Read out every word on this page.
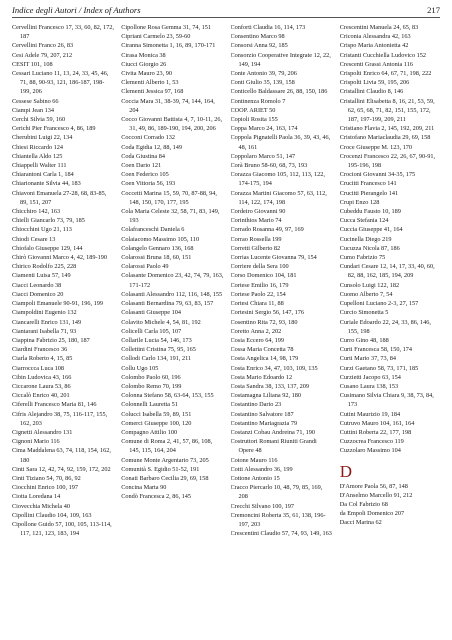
Indice degli Autori / Index of Authors	217
Cervellini Francesco 17, 33, 60, 82, 172, 187
Cervellini Franco 26, 83
Cesi Adele 79, 207, 212
CESIT 101, 108
Cessari Luciano 11, 13, 24, 33, 45, 46, 71, 88, 90-93, 121, 186-187, 198-199, 206
Cessese Sabino 66
Ciampi Jean 134
Cerchi Silvia 59, 160
Cerichi Pier Francesco 4, 86, 189
Cherubini Luigi 22, 134
Chiesi Riccardo 124
Chiantella Aldo 125
Chiappelli Walter 111
Chiarantoni Carla 1, 184
Chiarionante Silvia 44, 183
Chiavoni Emanuela 27-28, 68, 83-85, 89, 151, 207
Chicchiro 142, 163
Chielli Giancarlo 73, 79, 185
Chiocchini Ugo 21, 113
Chiodi Cesare 13
Chiofalo Giuseppe 129, 144
Chirò Giovanni Marco 4, 42, 189-190
Chirico Rodolfo 225, 228
Ciamenti Luisa 57, 149
Ciacci Leonardo 38
Ciacci Domenico 20
Ciampoli Emanuele 90-91, 196, 199
Ciampoldini Eugenio 132
Ciancarelli Enrico 131, 149
Ciantarani Isabella 71, 93
Ciappina Fabrizio 25, 180, 187
Ciardini Francesco 36
Ciarla Roberto 4, 15, 85
Ciarroccca Luca 108
Cibin Ludovica 43, 166
Ciccarone Laura 53, 86
Ciccalò Enrico 40, 201
Ciferelli Francesco Maria 81, 146
Cifris Alejandro 38, 75, 116-117, 155, 162, 203
Cignetti Alessandro 131
Cignoni Mario 116
Cima Maddalena 63, 74, 118, 154, 162, 180
Cinti Sara 12, 42, 74, 92, 159, 172, 202
Cinti Tiziano 54, 70, 86, 92
Ciocchini Enrico 100, 197
Ciotta Loredana 14
Ciovecchia Michela 40
Cipollini Claudio 104, 109, 163
Cipollone Guido 57, 100, 105, 113-114, 117, 121, 123, 183, 194
Cipollone Rosa Gemma 31, 74, 151
Cipriani Carmelo 23, 59-60
Ciranna Simonetta 1, 16, 89, 170-171
Cirasa Monica 38
Ciucci Giorgio 26
Civita Mauro 23, 90
Clementi Alberto 1, 53
Clementi Jessica 97, 168
Coccia Mara 31, 38-39, 74, 144, 164, 204
Cocco Giovanni Battista 4, 7, 10-11, 26, 31, 49, 86, 189-190, 194, 200, 206
Cocconi Corrado 132
Coda Egidia 12, 88, 149
Coda Giustina 84
Coen Dario 121
Coen Federico 105
Coen Vittoria 56, 193
Coccetti Marina 15, 59, 70, 87-88, 94, 148, 150, 170, 177, 195
Cola Maria Celeste 32, 58, 71, 83, 149, 193
Colafranceschi Daniela 6
Colaiacomo Massimo 105, 110
Colangelo Gennaro 136, 168
Colarossi Bruna 18, 60, 151
Colarossi Paolo 49
Colasante Domenico 23, 42, 74, 79, 163, 171-172
Colasanti Alessandro 112, 116, 148, 155
Colasanti Bernardina 79, 63, 83, 157
Colasanti Giuseppe 104
Colavito Michele 4, 54, 81, 192
Colicelli Carla 105, 107
Collarile Lucia 54, 146, 173
Collettini Cristina 75, 95, 165
Collodi Carlo 134, 191, 211
Collu Ugo 105
Colombo Paolo 60, 196
Colombo Remo 70, 199
Colonna Stefano 58, 63-64, 153, 155
Colonnelli Lauretta 51
Colucci Isabella 59, 89, 151
Comerci Giuseppe 100, 120
Compagno Attilio 100
Comune di Roma 2, 41, 57, 86, 108, 145, 115, 164, 204
Comune Monte Argentario 73, 205
Comunità S. Egidio 51-52, 191
Conati Barbaro Cecilia 29, 69, 158
Concina Marta 90
Condò Francesca 2, 86, 145
Conforti Claudia 16, 114, 173
Consentino Marco 98
Consorsi Anna 92, 185
Consorzio Cooperative Integrate 12, 22, 149, 194
Conte Antonio 39, 79, 206
Conti Giulio 35, 139, 158
Conticello Baldassare 26, 88, 150, 186
Continenza Romolo 7
COOP. ARIET 50
Copioli Rosita 155
Coppa Marco 24, 163, 174
Coppola Pignatelli Paola 36, 39, 43, 46, 48, 161
Coppolaro Marco 51, 147
Corà Bruno 58-60, 68, 73, 193
Corazza Giacomo 105, 112, 113, 122, 174-175, 194
Corazza Martini Giacomo 57, 63, 112, 114, 122, 174, 198
Cordeiro Giovanni 90
Corinthios Mario 74
Corrado Rosanna 49, 97, 169
Corrao Rossella 199
Corretti Gilberto 82
Corrias Lucente Giovanna 79, 154
Corriere della Sera 100
Corso Domenico 104, 181
Cortese Emilio 16, 179
Cortese Paolo 22, 154
Cortesi Chiara 11, 88
Cortesini Sergio 56, 147, 176
Cosentino Rita 72, 93, 180
Coretto Anna 2, 202
Cosia Eccero 64, 199
Cossa Maria Concetta 78
Costa Angelica 14, 98, 179
Costa Enrico 34, 47, 103, 109, 135
Costa Mario Edoardo 12
Costa Sandra 38, 133, 137, 209
Costamagna Liliana 92, 180
Costantino Dario 23
Costantino Salvatore 187
Costantino Mariagrazia 79
Costanzi Cobau Andreina 71, 190
Costruttori Romani Riuniti Grandi Opere 48
Cotone Mauro 116
Cotti Alessandro 36, 199
Cottone Antonio 15
Cracco Piercarlo 10, 48, 79, 85, 169, 208
Crecchi Silvano 100, 197
Cremoncini Roberta 35, 61, 138, 196-197, 203
Crescentini Claudio 57, 74, 93, 149, 163
Crescentini Manuela 24, 65, 83
Criconia Alessandra 42, 163
Crispo Maria Antonietta 42
Cristanti Cucchiella Ludovico 152
Crescenti Grassi Antonia 116
Crispolti Enrico 64, 67, 71, 198, 222
Crispolti Livia 59, 195, 206
Cristallini Claudio 8, 146
Cristallini Elisabetta 8, 16, 21, 53, 59, 62, 65, 68, 71, 82, 151, 155, 172, 187, 197-199, 209, 211
Cristiano Flavia 2, 145, 192, 209, 211
Cristofano Mariaclaudia 29, 69, 158
Croce Giuseppe M. 123, 170
Crocenzi Francesco 22, 26, 67, 90-91, 195-196, 198
Crocioni Giovanni 34-35, 175
Crucitti Francesco 141
Crucitti Pierangelo 141
Crupi Enzo 128
Cubeddu Fausto 10, 189
Cucca Stefania 124
Cuccia Giuseppe 41, 164
Cucinella Diego 219
Cucuzza Nicola 87, 186
Cumo Fabrizio 75
Cundari Cesare 12, 14, 17, 33, 40, 60, 82, 88, 162, 185, 194, 209
Cunsolo Luigi 122, 182
Cuomo Alberto 7, 54
Cupelloni Luciano 2-3, 27, 157
Curcio Simonetta 5
Curiale Edoardo 22, 24, 33, 86, 146, 155, 198
Curro Gino 48, 188
Curti Francesca 58, 150, 174
Curti Mario 37, 73, 84
Curzi Gaetano 58, 73, 171, 185
Curzietti Jacopo 63, 154
Cusano Laura 138, 153
Cusimano Silvia Chiara 9, 38, 73, 84, 173
Cutini Maurizio 19, 184
Cutruvo Mauro 104, 161, 164
Cuttini Roberta 22, 177, 198
Cuzzocrea Francesco 119
Cuzzolaro Massimo 104
D
D'Amore Paola 56, 87, 148
D'Anselmo Marcello 91, 212
Da Col Fabrizio 68
da Empoli Domenico 207
Dacci Marina 62
